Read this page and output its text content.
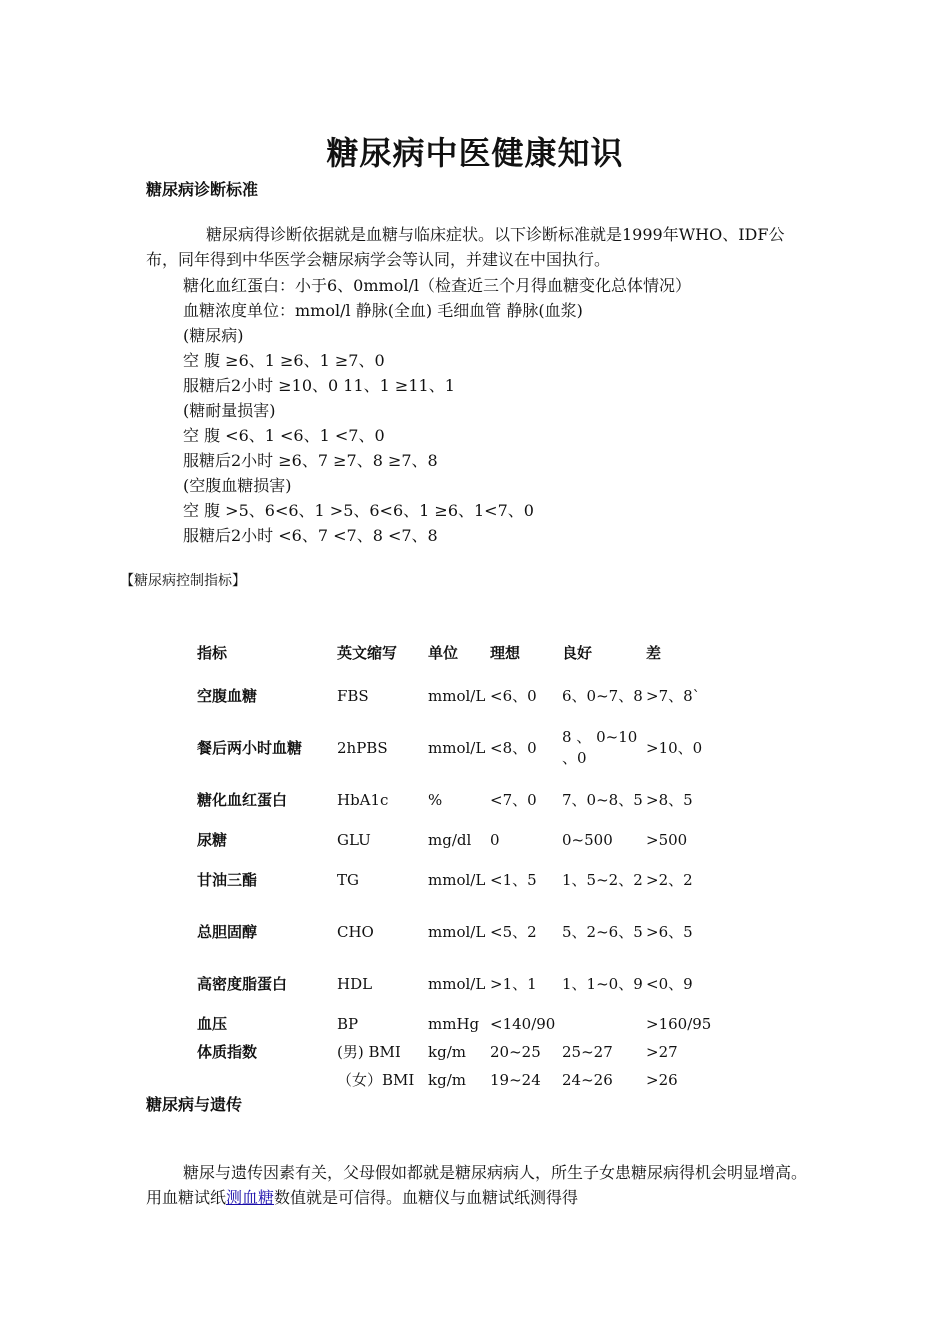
糖尿病中医健康知识
糖尿病诊断标准
糖尿病得诊断依据就是血糖与临床症状。以下诊断标准就是1999年WHO、IDF公布，同年得到中华医学会糖尿病学会等认同，并建议在中国执行。
糖化血红蛋白：小于6、0mmol/l（检查近三个月得血糖变化总体情况）
血糖浓度单位：mmol/l 静脉(全血) 毛细血管 静脉(血浆)
(糖尿病)
空 腹 ≥6、1 ≥6、1 ≥7、0
服糖后2小时 ≥10、0 11、1 ≥11、1
(糖耐量损害)
空 腹 <6、1 <6、1 <7、0
服糖后2小时 ≥6、7 ≥7、8 ≥7、8
(空腹血糖损害)
空 腹 >5、6<6、1 >5、6<6、1 ≥6、1<7、0
服糖后2小时 <6、7 <7、8 <7、8
【糖尿病控制指标】
指标	英文缩写	单位	理想	良好	差
空腹血糖	FBS	mmol/L	<6、0	6、0~7、8	>7、8`
餐后两小时血糖	2hPBS	mmol/L	<8、0	8 、 0~10 、0	>10、0
糖化血红蛋白	HbA1c	%	<7、0	7、0~8、5	>8、5
尿糖	GLU	mg/dl	0	0~500	>500
甘油三酯	TG	mmol/L	<1、5	1、5~2、2	>2、2
总胆固醇	CHO	mmol/L	<5、2	5、2~6、5	>6、5
高密度脂蛋白	HDL	mmol/L	>1、1	1、1~0、9	<0、9
血压	BP	mmHg	<140/90		>160/95
体质指数	(男) BMI	kg/m	20~25	25~27	>27
	（女）BMI	kg/m	19~24	24~26	>26
糖尿病与遗传
糖尿与遗传因素有关，父母假如都就是糖尿病病人，所生子女患糖尿病得机会明显增高。用血糖试纸测血糖数值就是可信得。血糖仪与血糖试纸测得得
